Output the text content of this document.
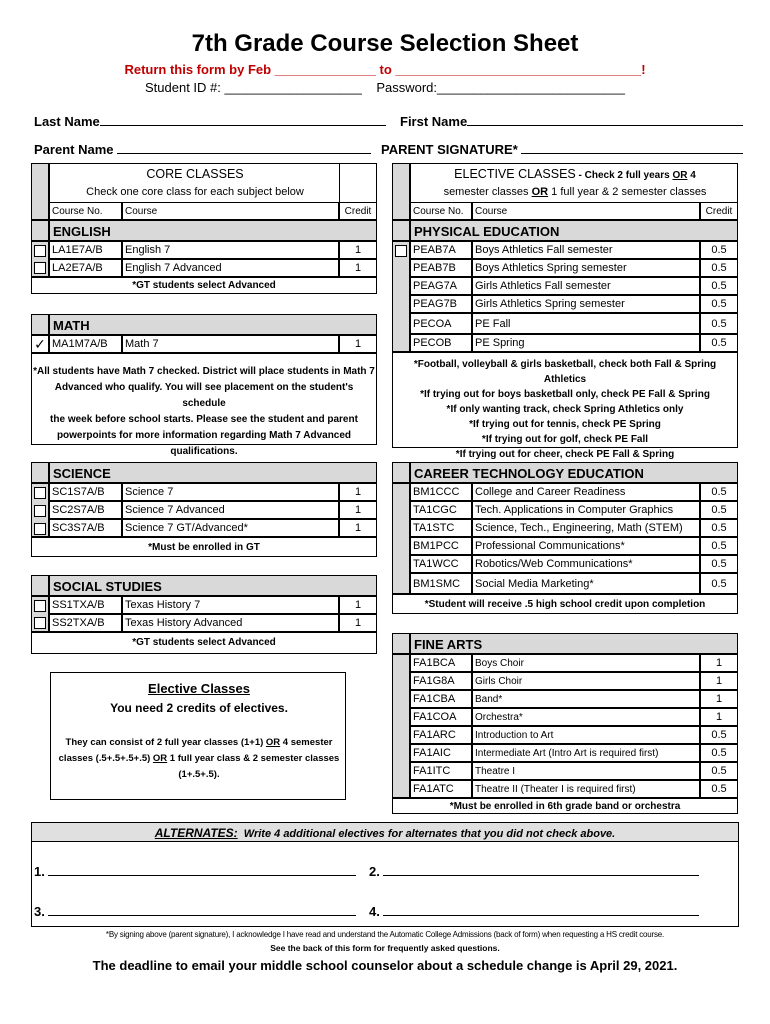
7th Grade Course Selection Sheet
Return this form by Feb ______________ to __________________________________!
Student ID #: ___________________ Password:__________________________
Last Name	First Name
Parent Name	PARENT SIGNATURE*
CORE CLASSES
Check one core class for each subject below
Course No.	Course	Credit
ENGLISH
LA1E7A/B	English 7	1
LA2E7A/B	English 7 Advanced	1
*GT students select Advanced
MATH
✓ MA1M7A/B	Math 7	1
*All students have Math 7 checked. District will place students in Math 7
Advanced who qualify. You will see placement on the student's schedule
the week before school starts. Please see the student and parent
powerpoints for more information regarding Math 7 Advanced
qualifications.
SCIENCE
SC1S7A/B	Science 7	1
SC2S7A/B	Science 7 Advanced	1
SC3S7A/B	Science 7 GT/Advanced*	1
*Must be enrolled in GT
SOCIAL STUDIES
SS1TXA/B	Texas History 7	1
SS2TXA/B	Texas History Advanced	1
*GT students select Advanced
Elective Classes
You need 2 credits of electives.
They can consist of 2 full year classes (1+1) OR 4 semester
classes (.5+.5+.5+.5) OR 1 full year class & 2 semester classes
(1+.5+.5).
ELECTIVE CLASSES - Check 2 full years OR 4
semester classes OR 1 full year & 2 semester classes
Course No.	Course	Credit
PHYSICAL EDUCATION
PEAB7A	Boys Athletics Fall semester	0.5
PEAB7B	Boys Athletics Spring semester	0.5
PEAG7A	Girls Athletics Fall semester	0.5
PEAG7B	Girls Athletics Spring semester	0.5
PECOA	PE Fall	0.5
PECOB	PE Spring	0.5
*Football, volleyball & girls basketball, check both Fall & Spring Athletics
*If trying out for boys basketball only, check PE Fall & Spring
*If only wanting track, check Spring Athletics only
*If trying out for tennis, check PE Spring
*If trying out for golf, check PE Fall
*If trying out for cheer, check PE Fall & Spring
CAREER TECHNOLOGY EDUCATION
BM1CCC	College and Career Readiness	0.5
TA1CGC	Tech. Applications in Computer Graphics	0.5
TA1STC	Science, Tech., Engineering, Math (STEM)	0.5
BM1PCC	Professional Communications*	0.5
TA1WCC	Robotics/Web Communications*	0.5
BM1SMC	Social Media Marketing*	0.5
*Student will receive .5 high school credit upon completion
FINE ARTS
FA1BCA	Boys Choir	1
FA1G8A	Girls Choir	1
FA1CBA	Band*	1
FA1COA	Orchestra*	1
FA1ARC	Introduction to Art	0.5
FA1AIC	Intermediate Art (Intro Art is required first)	0.5
FA1ITC	Theatre I	0.5
FA1ATC	Theatre II (Theater I is required first)	0.5
*Must be enrolled in 6th grade band or orchestra
ALTERNATES: Write 4 additional electives for alternates that you did not check above.
1.	2.
3.	4.
*By signing above (parent signature), I acknowledge I have read and understand the Automatic College Admissions (back of form) when requesting a HS credit course.
See the back of this form for frequently asked questions.
The deadline to email your middle school counselor about a schedule change is April 29, 2021.
